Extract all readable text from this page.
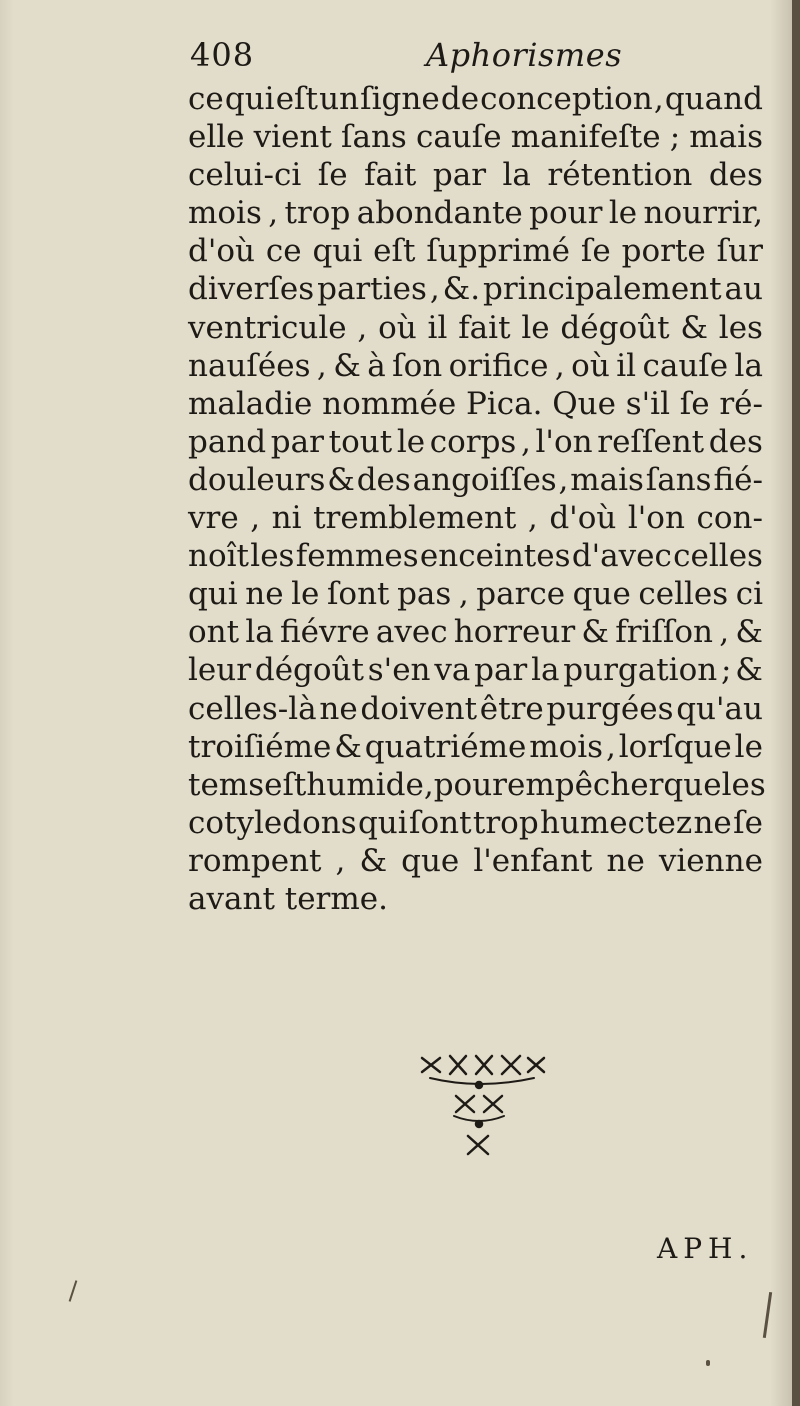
408	Aphorismes
ce qui eſt un ſigne de conception , quand
elle vient ſans cauſe manifeſte ; mais
celui-ci ſe fait par la rétention des
mois , trop abondante pour le nourrir,
d'où ce qui eſt ſupprimé ſe porte ſur
diverſes parties , &. principalement au
ventricule , où il fait le dégoût & les
nauſées , & à ſon orifice , où il cauſe la
maladie nommée Pica. Que s'il ſe ré-
pand par tout le corps , l'on reſſent des
douleurs & des angoiſſes , mais ſans fié-
vre , ni tremblement , d'où l'on con-
noît les femmes enceintes d'avec celles
qui ne le ſont pas , parce que celles ci
ont la fiévre avec horreur & friſſon , &
leur dégoût s'en va par la purgation ; &
celles-là ne doivent être purgées qu'au
troiſiéme & quatriéme mois , lorſque le
tems eſt humide , pour empêcher que les
cotyledons qui ſont trop humectez ne ſe
rompent , & que l'enfant ne vienne
avant terme.
APH.
